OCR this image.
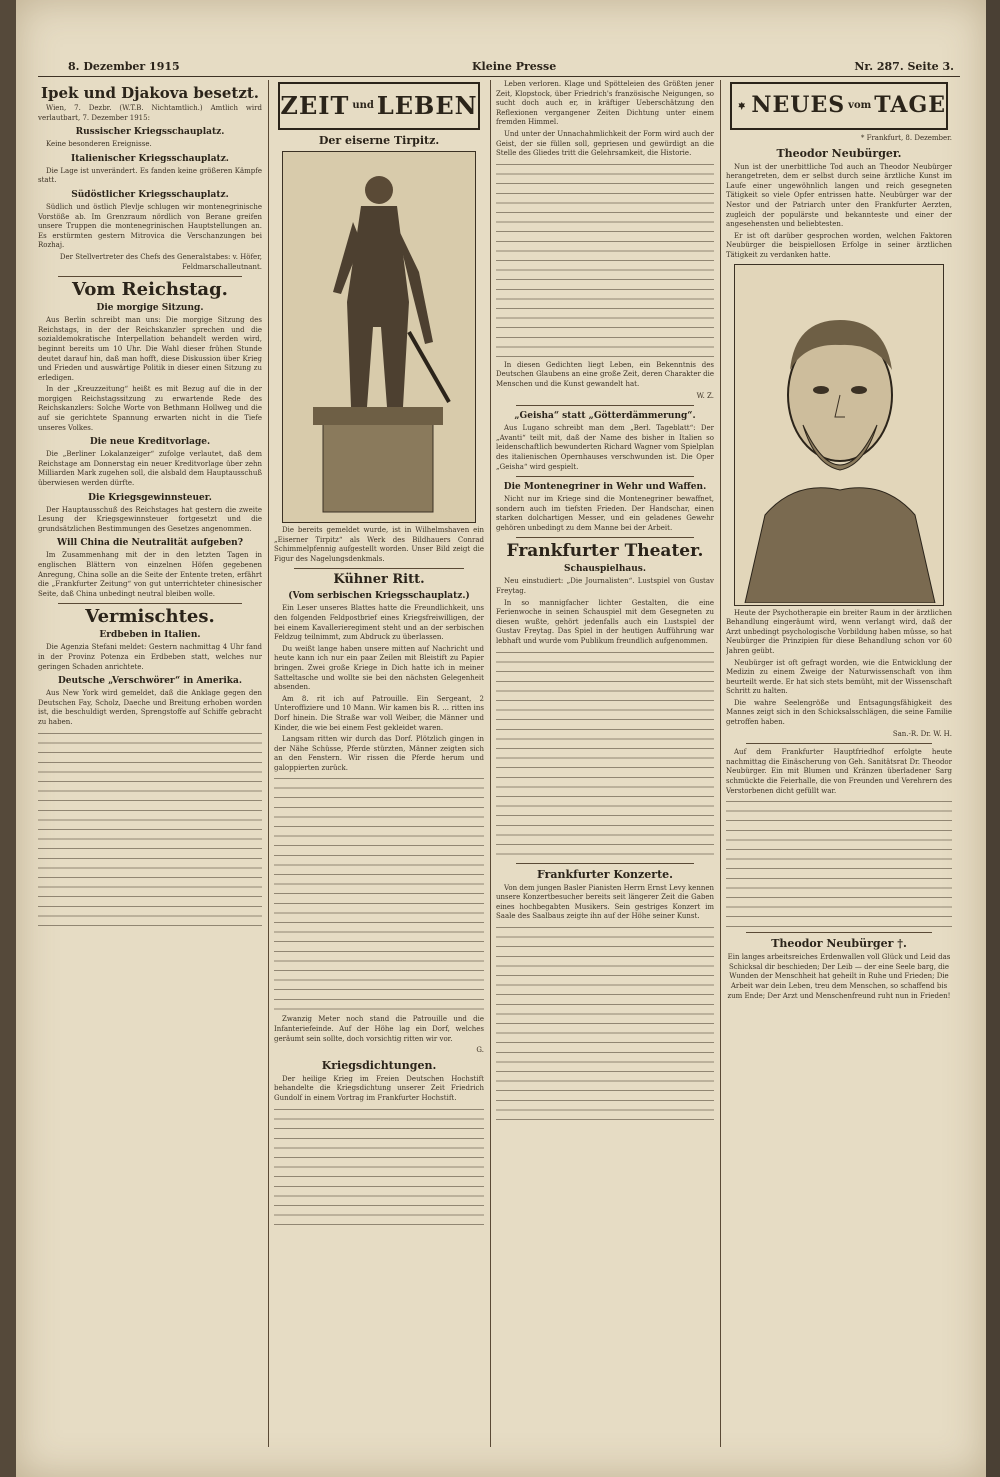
8. Dezember 1915	Kleine Presse	Nr. 287. Seite 3.
Ipek und Djakova besetzt.

Wien, 7. Dezbr. (W.T.B. Nichtamtlich.) Amtlich wird verlautbart, 7. Dezember 1915:

Russischer Kriegsschauplatz.

Keine besonderen Ereignisse.

Italienischer Kriegsschauplatz.

Die Lage ist unverändert. Es fanden keine größeren Kämpfe statt.

Südöstlicher Kriegsschauplatz.

Südlich und östlich Plevlje schlugen wir montenegrinische Vorstöße ab. Im Grenzraum nördlich von Berane greifen unsere Truppen die montenegrinischen Hauptstellungen an. Es erstürmten gestern Mitrovica die Verschanzungen bei Rozhaj.

Der Stellvertreter des Chefs des Generalstabes: v. Höfer, Feldmarschalleutnant.

Vom Reichstag.
Die morgige Sitzung.

Aus Berlin schreibt man uns: Die morgige Sitzung des Reichstags, in der der Reichskanzler sprechen und die sozialdemokratische Interpellation behandelt werden wird, beginnt bereits um 10 Uhr. Die Wahl dieser frühen Stunde deutet darauf hin, daß man hofft, diese Diskussion über Krieg und Frieden und auswärtige Politik in dieser einen Sitzung zu erledigen.

In der „Kreuzzeitung“ heißt es mit Bezug auf die in der morgigen Reichstagssitzung zu erwartende Rede des Reichskanzlers: Solche Worte von Bethmann Hollweg und die auf sie gerichtete Spannung erwarten nicht in die Tiefe unseres Volkes.

Die neue Kreditvorlage.

Die „Berliner Lokalanzeiger“ zufolge verlautet, daß dem Reichstage am Donnerstag ein neuer Kreditvorlage über zehn Milliarden Mark zugehen soll, die alsbald dem Hauptausschuß überwiesen werden dürfte.

Die Kriegsgewinnsteuer.

Der Hauptausschuß des Reichstages hat gestern die zweite Lesung der Kriegsgewinnsteuer fortgesetzt und die grundsätzlichen Bestimmungen des Gesetzes angenommen.

Will China die Neutralität aufgeben?

Im Zusammenhang mit der in den letzten Tagen in englischen Blättern von einzelnen Höfen gegebenen Anregung, China solle an die Seite der Entente treten, erfährt die „Frankfurter Zeitung“ von gut unterrichteter chinesischer Seite, daß China unbedingt neutral bleiben wolle.

Vermischtes.
Erdbeben in Italien.

Die Agenzia Stefani meldet: Gestern nachmittag 4 Uhr fand in der Provinz Potenza ein Erdbeben statt, welches nur geringen Schaden anrichtete.

Deutsche „Verschwörer“ in Amerika.

Aus New York wird gemeldet, daß die Anklage gegen den Deutschen Fay, Scholz, Daeche und Breitung erhoben worden ist, die beschuldigt werden, Sprengstoffe auf Schiffe gebracht zu haben.

ZEIT und LEBEN
Der eiserne Tirpitz.

Die bereits gemeldet wurde, ist in Wilhelmshaven ein „Eiserner Tirpitz“ als Werk des Bildhauers Conrad Schimmelpfennig aufgestellt worden. Unser Bild zeigt die Figur des Nagelungsdenkmals.

Kühner Ritt.
(Vom serbischen Kriegsschauplatz.)

Ein Leser unseres Blattes hatte die Freundlichkeit, uns den folgenden Feldpostbrief eines Kriegsfreiwilligen, der bei einem Kavallerieregiment steht und an der serbischen Feldzug teilnimmt, zum Abdruck zu überlassen.

Du weißt lange haben unsere mitten auf Nachricht und heute kann ich nur ein paar Zeilen mit Bleistift zu Papier bringen. Zwei große Kriege in Dich hatte ich in meiner Satteltasche und wollte sie bei den nächsten Gelegenheit absenden.

Am 8. rit ich auf Patrouille. Ein Sergeant, 2 Unteroffiziere und 10 Mann. Wir kamen bis R. ... ritten ins Dorf hinein. Die Straße war voll Weiber, die Männer und Kinder, die wie bei einem Fest gekleidet waren.

Langsam ritten wir durch das Dorf. Plötzlich gingen in der Nähe Schüsse, Pferde stürzten, Männer zeigten sich an den Fenstern. Wir rissen die Pferde herum und galoppierten zurück.

Zwanzig Meter noch stand die Patrouille und die Infanteriefeinde. Auf der Höhe lag ein Dorf, welches geräumt sein sollte, doch vorsichtig ritten wir vor.

G.

Kriegsdichtungen.

Der heilige Krieg im Freien Deutschen Hochstift behandelte die Kriegsdichtung unserer Zeit Friedrich Gundolf in einem Vortrag im Frankfurter Hochstift.

Leben verloren. Klage und Spötteleien des Größten jener Zeit, Klopstock, über Friedrich's französische Neigungen, so sucht doch auch er, in kräftiger Ueberschätzung den Reflexionen vergangener Zeiten Dichtung unter einem fremden Himmel.

Und unter der Unnachahmlichkeit der Form wird auch der Geist, der sie füllen soll, gepriesen und gewürdigt an die Stelle des Gliedes tritt die Gelehrsamkeit, die Historie.

In diesen Gedichten liegt Leben, ein Bekenntnis des Deutschen Glaubens an eine große Zeit, deren Charakter die Menschen und die Kunst gewandelt hat.

W. Z.

„Geisha“ statt „Götterdämmerung“.

Aus Lugano schreibt man dem „Berl. Tageblatt“: Der „Avanti“ teilt mit, daß der Name des bisher in Italien so leidenschaftlich bewunderten Richard Wagner vom Spielplan des italienischen Opernhauses verschwunden ist. Die Oper „Geisha“ wird gespielt.

Die Montenegriner in Wehr und Waffen.

Nicht nur im Kriege sind die Montenegriner bewaffnet, sondern auch im tiefsten Frieden. Der Handschar, einen starken dolchartigen Messer, und ein geladenes Gewehr gehören unbedingt zu dem Manne bei der Arbeit.

Frankfurter Theater.
Schauspielhaus.

Neu einstudiert: „Die Journalisten“. Lustspiel von Gustav Freytag.

In so mannigfacher lichter Gestalten, die eine Ferienwoche in seinen Schauspiel mit dem Gesegneten zu diesen wußte, gehört jedenfalls auch ein Lustspiel der Gustav Freytag. Das Spiel in der heutigen Aufführung war lebhaft und wurde vom Publikum freundlich aufgenommen.

Frankfurter Konzerte.

Von dem jungen Basler Pianisten Herrn Ernst Levy kennen unsere Konzertbesucher bereits seit längerer Zeit die Gaben eines hochbegabten Musikers. Sein gestriges Konzert im Saale des Saalbaus zeigte ihn auf der Höhe seiner Kunst.

NEUES vom TAGE

* Frankfurt, 8. Dezember.

Theodor Neubürger.

Nun ist der unerbittliche Tod auch an Theodor Neubürger herangetreten, dem er selbst durch seine ärztliche Kunst im Laufe einer ungewöhnlich langen und reich gesegneten Tätigkeit so viele Opfer entrissen hatte. Neubürger war der Nestor und der Patriarch unter den Frankfurter Aerzten, zugleich der populärste und bekannteste und einer der angesehensten und beliebtesten.

Er ist oft darüber gesprochen worden, welchen Faktoren Neubürger die beispiellosen Erfolge in seiner ärztlichen Tätigkeit zu verdanken hatte.

Heute der Psychotherapie ein breiter Raum in der ärztlichen Behandlung eingeräumt wird, wenn verlangt wird, daß der Arzt unbedingt psychologische Vorbildung haben müsse, so hat Neubürger die Prinzipien für diese Behandlung schon vor 60 Jahren geübt.

Neubürger ist oft gefragt worden, wie die Entwicklung der Medizin zu einem Zweige der Naturwissenschaft von ihm beurteilt werde. Er hat sich stets bemüht, mit der Wissenschaft Schritt zu halten.

Die wahre Seelengröße und Entsagungsfähigkeit des Mannes zeigt sich in den Schicksalsschlägen, die seine Familie getroffen haben.

San.-R. Dr. W. H.

Auf dem Frankfurter Hauptfriedhof erfolgte heute nachmittag die Einäscherung von Geh. Sanitätsrat Dr. Theodor Neubürger. Ein mit Blumen und Kränzen überladener Sarg schmückte die Feierhalle, die von Freunden und Verehrern des Verstorbenen dicht gefüllt war.

Theodor Neubürger †.

Ein langes arbeitsreiches Erdenwallen voll Glück und Leid das Schicksal dir beschieden; Der Leib — der eine Seele barg, die Wunden der Menschheit hat geheilt in Ruhe und Frieden; Die Arbeit war dein Leben, treu dem Menschen, so schaffend bis zum Ende; Der Arzt und Menschenfreund ruht nun in Frieden!
